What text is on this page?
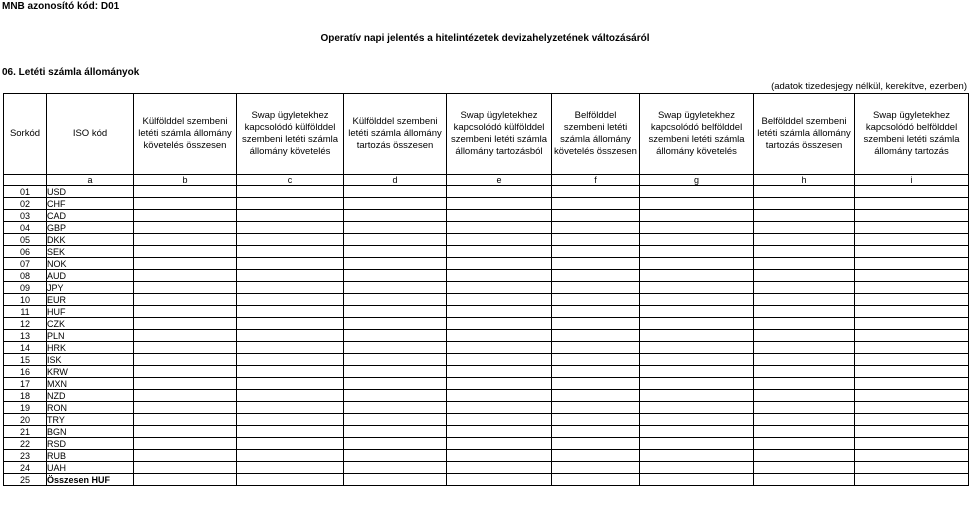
MNB azonosító kód: D01
Operatív napi jelentés a hitelintézetek devizahelyzetének változásáról
06. Letéti számla állományok
(adatok tizedesjegy nélkül, kerekítve, ezerben)
Sorkód	ISO kód	Külfölddel szembeni letéti számla állomány követelés összesen	Swap ügyletekhez kapcsolódó külfölddel szembeni letéti számla állomány követelés	Külfölddel szembeni letéti számla állomány tartozás összesen	Swap ügyletekhez kapcsolódó külfölddel szembeni letéti számla állomány tartozásból	Belfölddel szembeni letéti számla állomány követelés összesen	Swap ügyletekhez kapcsolódó belfölddel szembeni letéti számla állomány követelés	Belfölddel szembeni letéti számla állomány tartozás összesen	Swap ügyletekhez kapcsolódó belfölddel szembeni letéti számla állomány tartozás
	a	b	c	d	e	f	g	h	i
01	USD								
02	CHF								
03	CAD								
04	GBP								
05	DKK								
06	SEK								
07	NOK								
08	AUD								
09	JPY								
10	EUR								
11	HUF								
12	CZK								
13	PLN								
14	HRK								
15	ISK								
16	KRW								
17	MXN								
18	NZD								
19	RON								
20	TRY								
21	BGN								
22	RSD								
23	RUB								
24	UAH								
25	Összesen HUF								
